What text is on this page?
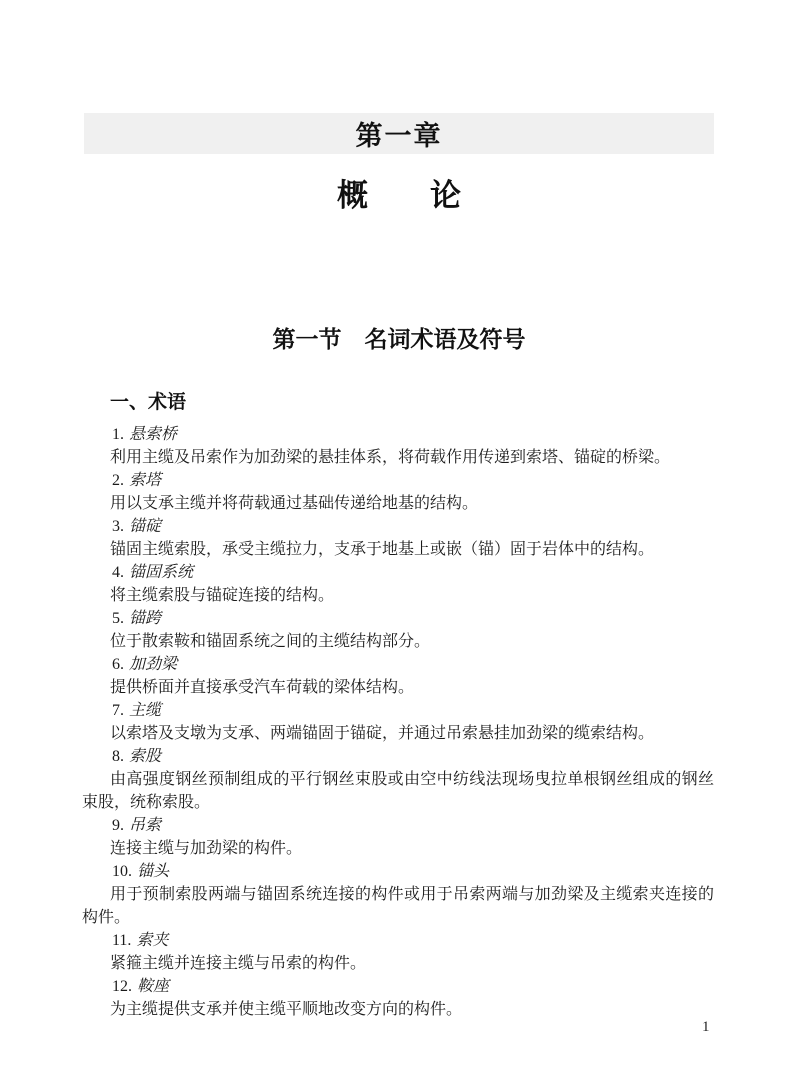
第一章
概　　论
第一节　名词术语及符号
一、术语

1. 悬索桥

利用主缆及吊索作为加劲梁的悬挂体系，将荷载作用传递到索塔、锚碇的桥梁。

2. 索塔

用以支承主缆并将荷载通过基础传递给地基的结构。

3. 锚碇

锚固主缆索股，承受主缆拉力，支承于地基上或嵌（锚）固于岩体中的结构。

4. 锚固系统

将主缆索股与锚碇连接的结构。

5. 锚跨

位于散索鞍和锚固系统之间的主缆结构部分。

6. 加劲梁

提供桥面并直接承受汽车荷载的梁体结构。

7. 主缆

以索塔及支墩为支承、两端锚固于锚碇，并通过吊索悬挂加劲梁的缆索结构。

8. 索股

由高强度钢丝预制组成的平行钢丝束股或由空中纺线法现场曳拉单根钢丝组成的钢丝束股，统称索股。

9. 吊索

连接主缆与加劲梁的构件。

10. 锚头

用于预制索股两端与锚固系统连接的构件或用于吊索两端与加劲梁及主缆索夹连接的构件。

11. 索夹

紧箍主缆并连接主缆与吊索的构件。

12. 鞍座

为主缆提供支承并使主缆平顺地改变方向的构件。

1
